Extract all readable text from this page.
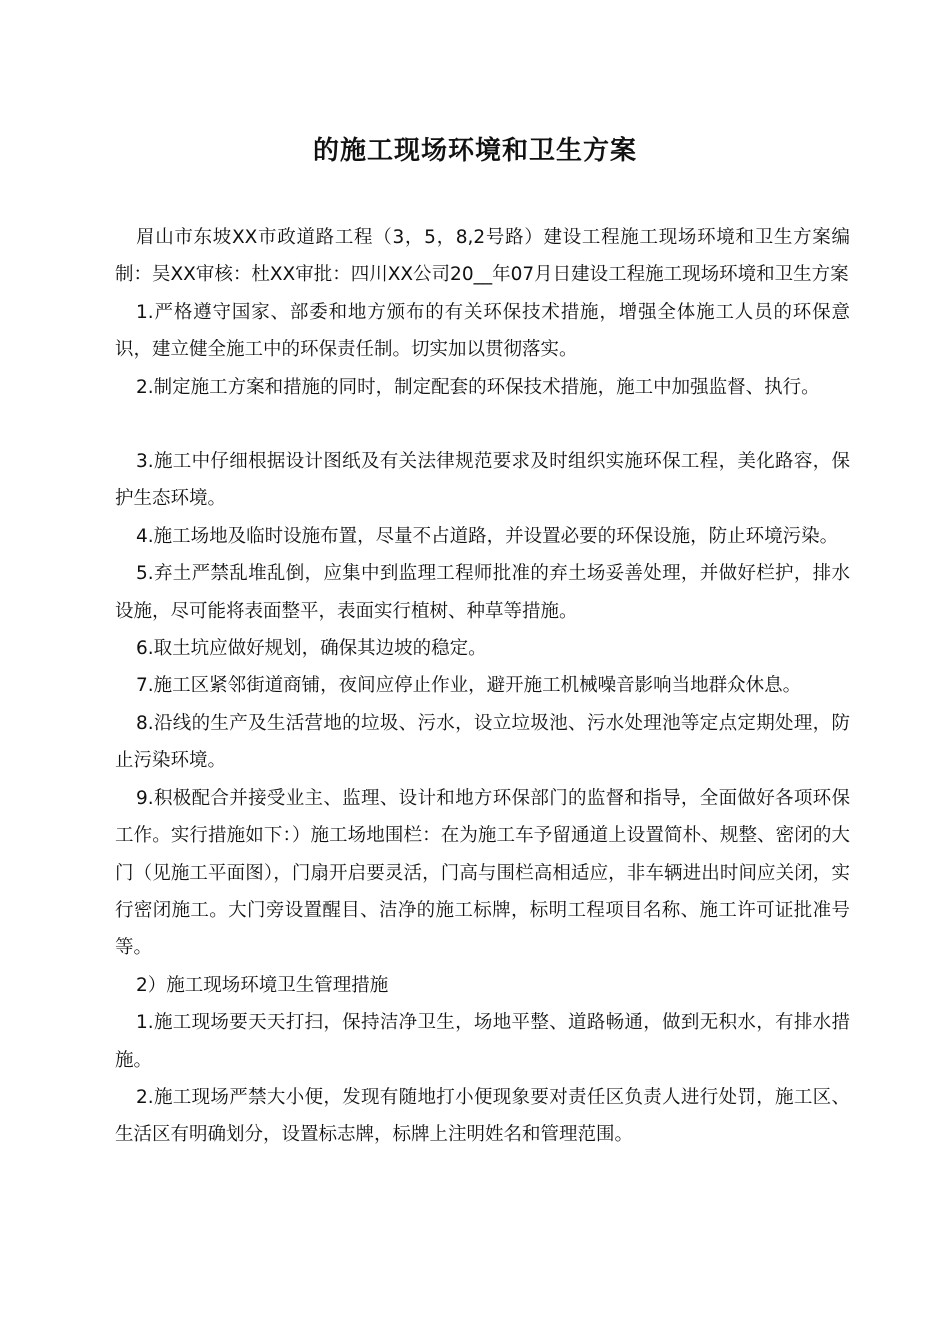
的施工现场环境和卫生方案

眉山市东坡XX市政道路工程（3，5，8,2号路）建设工程施工现场环境和卫生方案编制：吴XX审核：杜XX审批：四川XX公司20__年07月日建设工程施工现场环境和卫生方案

1.严格遵守国家、部委和地方颁布的有关环保技术措施，增强全体施工人员的环保意识，建立健全施工中的环保责任制。切实加以贯彻落实。

2.制定施工方案和措施的同时，制定配套的环保技术措施，施工中加强监督、执行。

3.施工中仔细根据设计图纸及有关法律规范要求及时组织实施环保工程，美化路容，保护生态环境。

4.施工场地及临时设施布置，尽量不占道路，并设置必要的环保设施，防止环境污染。

5.弃土严禁乱堆乱倒，应集中到监理工程师批准的弃土场妥善处理，并做好栏护，排水设施，尽可能将表面整平，表面实行植树、种草等措施。

6.取土坑应做好规划，确保其边坡的稳定。

7.施工区紧邻街道商铺，夜间应停止作业，避开施工机械噪音影响当地群众休息。

8.沿线的生产及生活营地的垃圾、污水，设立垃圾池、污水处理池等定点定期处理，防止污染环境。

9.积极配合并接受业主、监理、设计和地方环保部门的监督和指导，全面做好各项环保工作。实行措施如下：）施工场地围栏：在为施工车予留通道上设置简朴、规整、密闭的大门（见施工平面图），门扇开启要灵活，门高与围栏高相适应，非车辆进出时间应关闭，实行密闭施工。大门旁设置醒目、洁净的施工标牌，标明工程项目名称、施工许可证批准号等。

2）施工现场环境卫生管理措施

1.施工现场要天天打扫，保持洁净卫生，场地平整、道路畅通，做到无积水，有排水措施。

2.施工现场严禁大小便，发现有随地打小便现象要对责任区负责人进行处罚，施工区、生活区有明确划分，设置标志牌，标牌上注明姓名和管理范围。
